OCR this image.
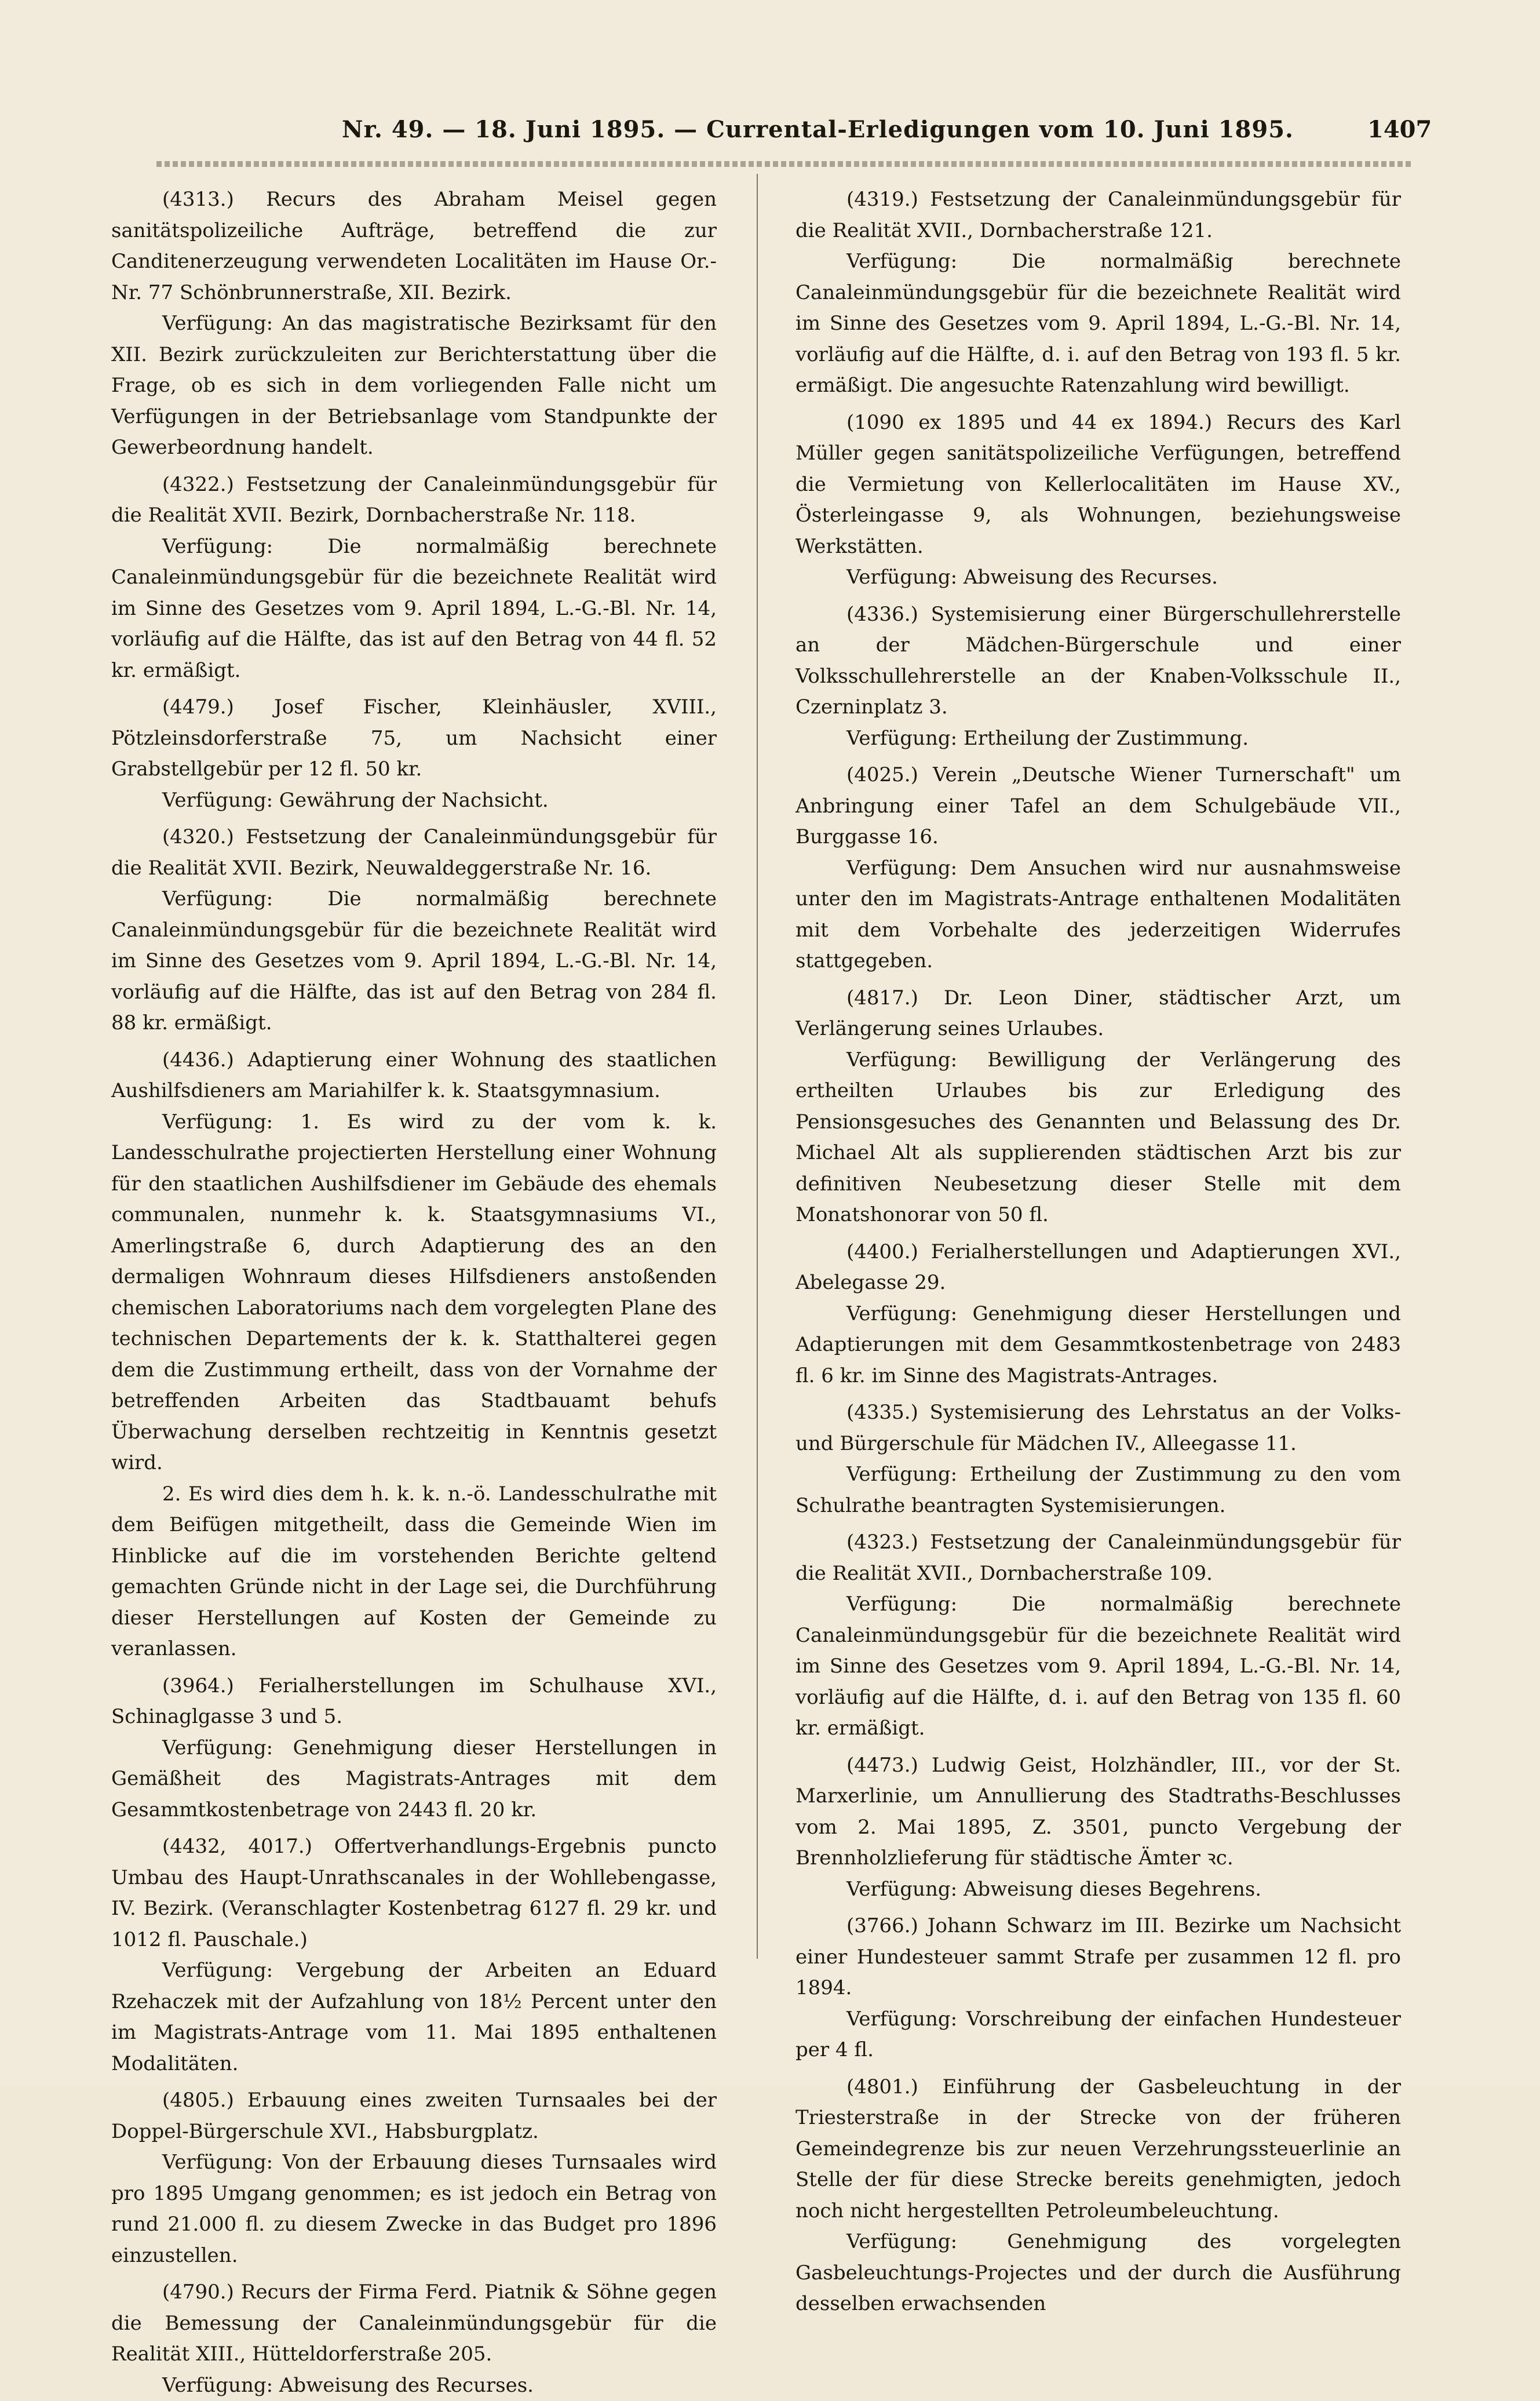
Nr. 49. — 18. Juni 1895. — Currental-Erledigungen vom 10. Juni 1895.	1407

(4313.) Recurs des Abraham Meisel gegen sanitätspolizeiliche Aufträge, betreffend die zur Canditenerzeugung verwendeten Localitäten im Hause Or.-Nr. 77 Schönbrunnerstraße, XII. Bezirk.

Verfügung: An das magistratische Bezirksamt für den XII. Bezirk zurückzuleiten zur Berichterstattung über die Frage, ob es sich in dem vorliegenden Falle nicht um Verfügungen in der Betriebsanlage vom Standpunkte der Gewerbeordnung handelt.

(4322.) Festsetzung der Canaleinmündungsgebür für die Realität XVII. Bezirk, Dornbacherstraße Nr. 118.

Verfügung: Die normalmäßig berechnete Canaleinmündungsgebür für die bezeichnete Realität wird im Sinne des Gesetzes vom 9. April 1894, L.-G.-Bl. Nr. 14, vorläufig auf die Hälfte, das ist auf den Betrag von 44 fl. 52 kr. ermäßigt.

(4479.) Josef Fischer, Kleinhäusler, XVIII., Pötzleinsdorferstraße 75, um Nachsicht einer Grabstellgebür per 12 fl. 50 kr.

Verfügung: Gewährung der Nachsicht.

(4320.) Festsetzung der Canaleinmündungsgebür für die Realität XVII. Bezirk, Neuwaldeggerstraße Nr. 16.

Verfügung: Die normalmäßig berechnete Canaleinmündungsgebür für die bezeichnete Realität wird im Sinne des Gesetzes vom 9. April 1894, L.-G.-Bl. Nr. 14, vorläufig auf die Hälfte, das ist auf den Betrag von 284 fl. 88 kr. ermäßigt.

(4436.) Adaptierung einer Wohnung des staatlichen Aushilfsdieners am Mariahilfer k. k. Staatsgymnasium.

Verfügung: 1. Es wird zu der vom k. k. Landesschulrathe projectierten Herstellung einer Wohnung für den staatlichen Aushilfsdiener im Gebäude des ehemals communalen, nunmehr k. k. Staatsgymnasiums VI., Amerlingstraße 6, durch Adaptierung des an den dermaligen Wohnraum dieses Hilfsdieners anstoßenden chemischen Laboratoriums nach dem vorgelegten Plane des technischen Departements der k. k. Statthalterei gegen dem die Zustimmung ertheilt, dass von der Vornahme der betreffenden Arbeiten das Stadtbauamt behufs Überwachung derselben rechtzeitig in Kenntnis gesetzt wird.

2. Es wird dies dem h. k. k. n.-ö. Landesschulrathe mit dem Beifügen mitgetheilt, dass die Gemeinde Wien im Hinblicke auf die im vorstehenden Berichte geltend gemachten Gründe nicht in der Lage sei, die Durchführung dieser Herstellungen auf Kosten der Gemeinde zu veranlassen.

(3964.) Ferialherstellungen im Schulhause XVI., Schinaglgasse 3 und 5.

Verfügung: Genehmigung dieser Herstellungen in Gemäßheit des Magistrats-Antrages mit dem Gesammtkostenbetrage von 2443 fl. 20 kr.

(4432, 4017.) Offertverhandlungs-Ergebnis puncto Umbau des Haupt-Unrathscanales in der Wohllebengasse, IV. Bezirk. (Veranschlagter Kostenbetrag 6127 fl. 29 kr. und 1012 fl. Pauschale.)

Verfügung: Vergebung der Arbeiten an Eduard Rzehaczek mit der Aufzahlung von 18½ Percent unter den im Magistrats-Antrage vom 11. Mai 1895 enthaltenen Modalitäten.

(4805.) Erbauung eines zweiten Turnsaales bei der Doppel-Bürgerschule XVI., Habsburgplatz.

Verfügung: Von der Erbauung dieses Turnsaales wird pro 1895 Umgang genommen; es ist jedoch ein Betrag von rund 21.000 fl. zu diesem Zwecke in das Budget pro 1896 einzustellen.

(4790.) Recurs der Firma Ferd. Piatnik & Söhne gegen die Bemessung der Canaleinmündungsgebür für die Realität XIII., Hütteldorferstraße 205.

Verfügung: Abweisung des Recurses.

(4319.) Festsetzung der Canaleinmündungsgebür für die Realität XVII., Dornbacherstraße 121.

Verfügung: Die normalmäßig berechnete Canaleinmündungsgebür für die bezeichnete Realität wird im Sinne des Gesetzes vom 9. April 1894, L.-G.-Bl. Nr. 14, vorläufig auf die Hälfte, d. i. auf den Betrag von 193 fl. 5 kr. ermäßigt. Die angesuchte Ratenzahlung wird bewilligt.

(1090 ex 1895 und 44 ex 1894.) Recurs des Karl Müller gegen sanitätspolizeiliche Verfügungen, betreffend die Vermietung von Kellerlocalitäten im Hause XV., Österleingasse 9, als Wohnungen, beziehungsweise Werkstätten.

Verfügung: Abweisung des Recurses.

(4336.) Systemisierung einer Bürgerschullehrerstelle an der Mädchen-Bürgerschule und einer Volksschullehrerstelle an der Knaben-Volksschule II., Czerninplatz 3.

Verfügung: Ertheilung der Zustimmung.

(4025.) Verein „Deutsche Wiener Turnerschaft" um Anbringung einer Tafel an dem Schulgebäude VII., Burggasse 16.

Verfügung: Dem Ansuchen wird nur ausnahmsweise unter den im Magistrats-Antrage enthaltenen Modalitäten mit dem Vorbehalte des jederzeitigen Widerrufes stattgegeben.

(4817.) Dr. Leon Diner, städtischer Arzt, um Verlängerung seines Urlaubes.

Verfügung: Bewilligung der Verlängerung des ertheilten Urlaubes bis zur Erledigung des Pensionsgesuches des Genannten und Belassung des Dr. Michael Alt als supplierenden städtischen Arzt bis zur definitiven Neubesetzung dieser Stelle mit dem Monatshonorar von 50 fl.

(4400.) Ferialherstellungen und Adaptierungen XVI., Abelegasse 29.

Verfügung: Genehmigung dieser Herstellungen und Adaptierungen mit dem Gesammtkostenbetrage von 2483 fl. 6 kr. im Sinne des Magistrats-Antrages.

(4335.) Systemisierung des Lehrstatus an der Volks- und Bürgerschule für Mädchen IV., Alleegasse 11.

Verfügung: Ertheilung der Zustimmung zu den vom Schulrathe beantragten Systemisierungen.

(4323.) Festsetzung der Canaleinmündungsgebür für die Realität XVII., Dornbacherstraße 109.

Verfügung: Die normalmäßig berechnete Canaleinmündungsgebür für die bezeichnete Realität wird im Sinne des Gesetzes vom 9. April 1894, L.-G.-Bl. Nr. 14, vorläufig auf die Hälfte, d. i. auf den Betrag von 135 fl. 60 kr. ermäßigt.

(4473.) Ludwig Geist, Holzhändler, III., vor der St. Marxerlinie, um Annullierung des Stadtraths-Beschlusses vom 2. Mai 1895, Z. 3501, puncto Vergebung der Brennholzlieferung für städtische Ämter ꝛc.

Verfügung: Abweisung dieses Begehrens.

(3766.) Johann Schwarz im III. Bezirke um Nachsicht einer Hundesteuer sammt Strafe per zusammen 12 fl. pro 1894.

Verfügung: Vorschreibung der einfachen Hundesteuer per 4 fl.

(4801.) Einführung der Gasbeleuchtung in der Triesterstraße in der Strecke von der früheren Gemeindegrenze bis zur neuen Verzehrungssteuerlinie an Stelle der für diese Strecke bereits genehmigten, jedoch noch nicht hergestellten Petroleumbeleuchtung.

Verfügung: Genehmigung des vorgelegten Gasbeleuchtungs-Projectes und der durch die Ausführung desselben erwachsenden
